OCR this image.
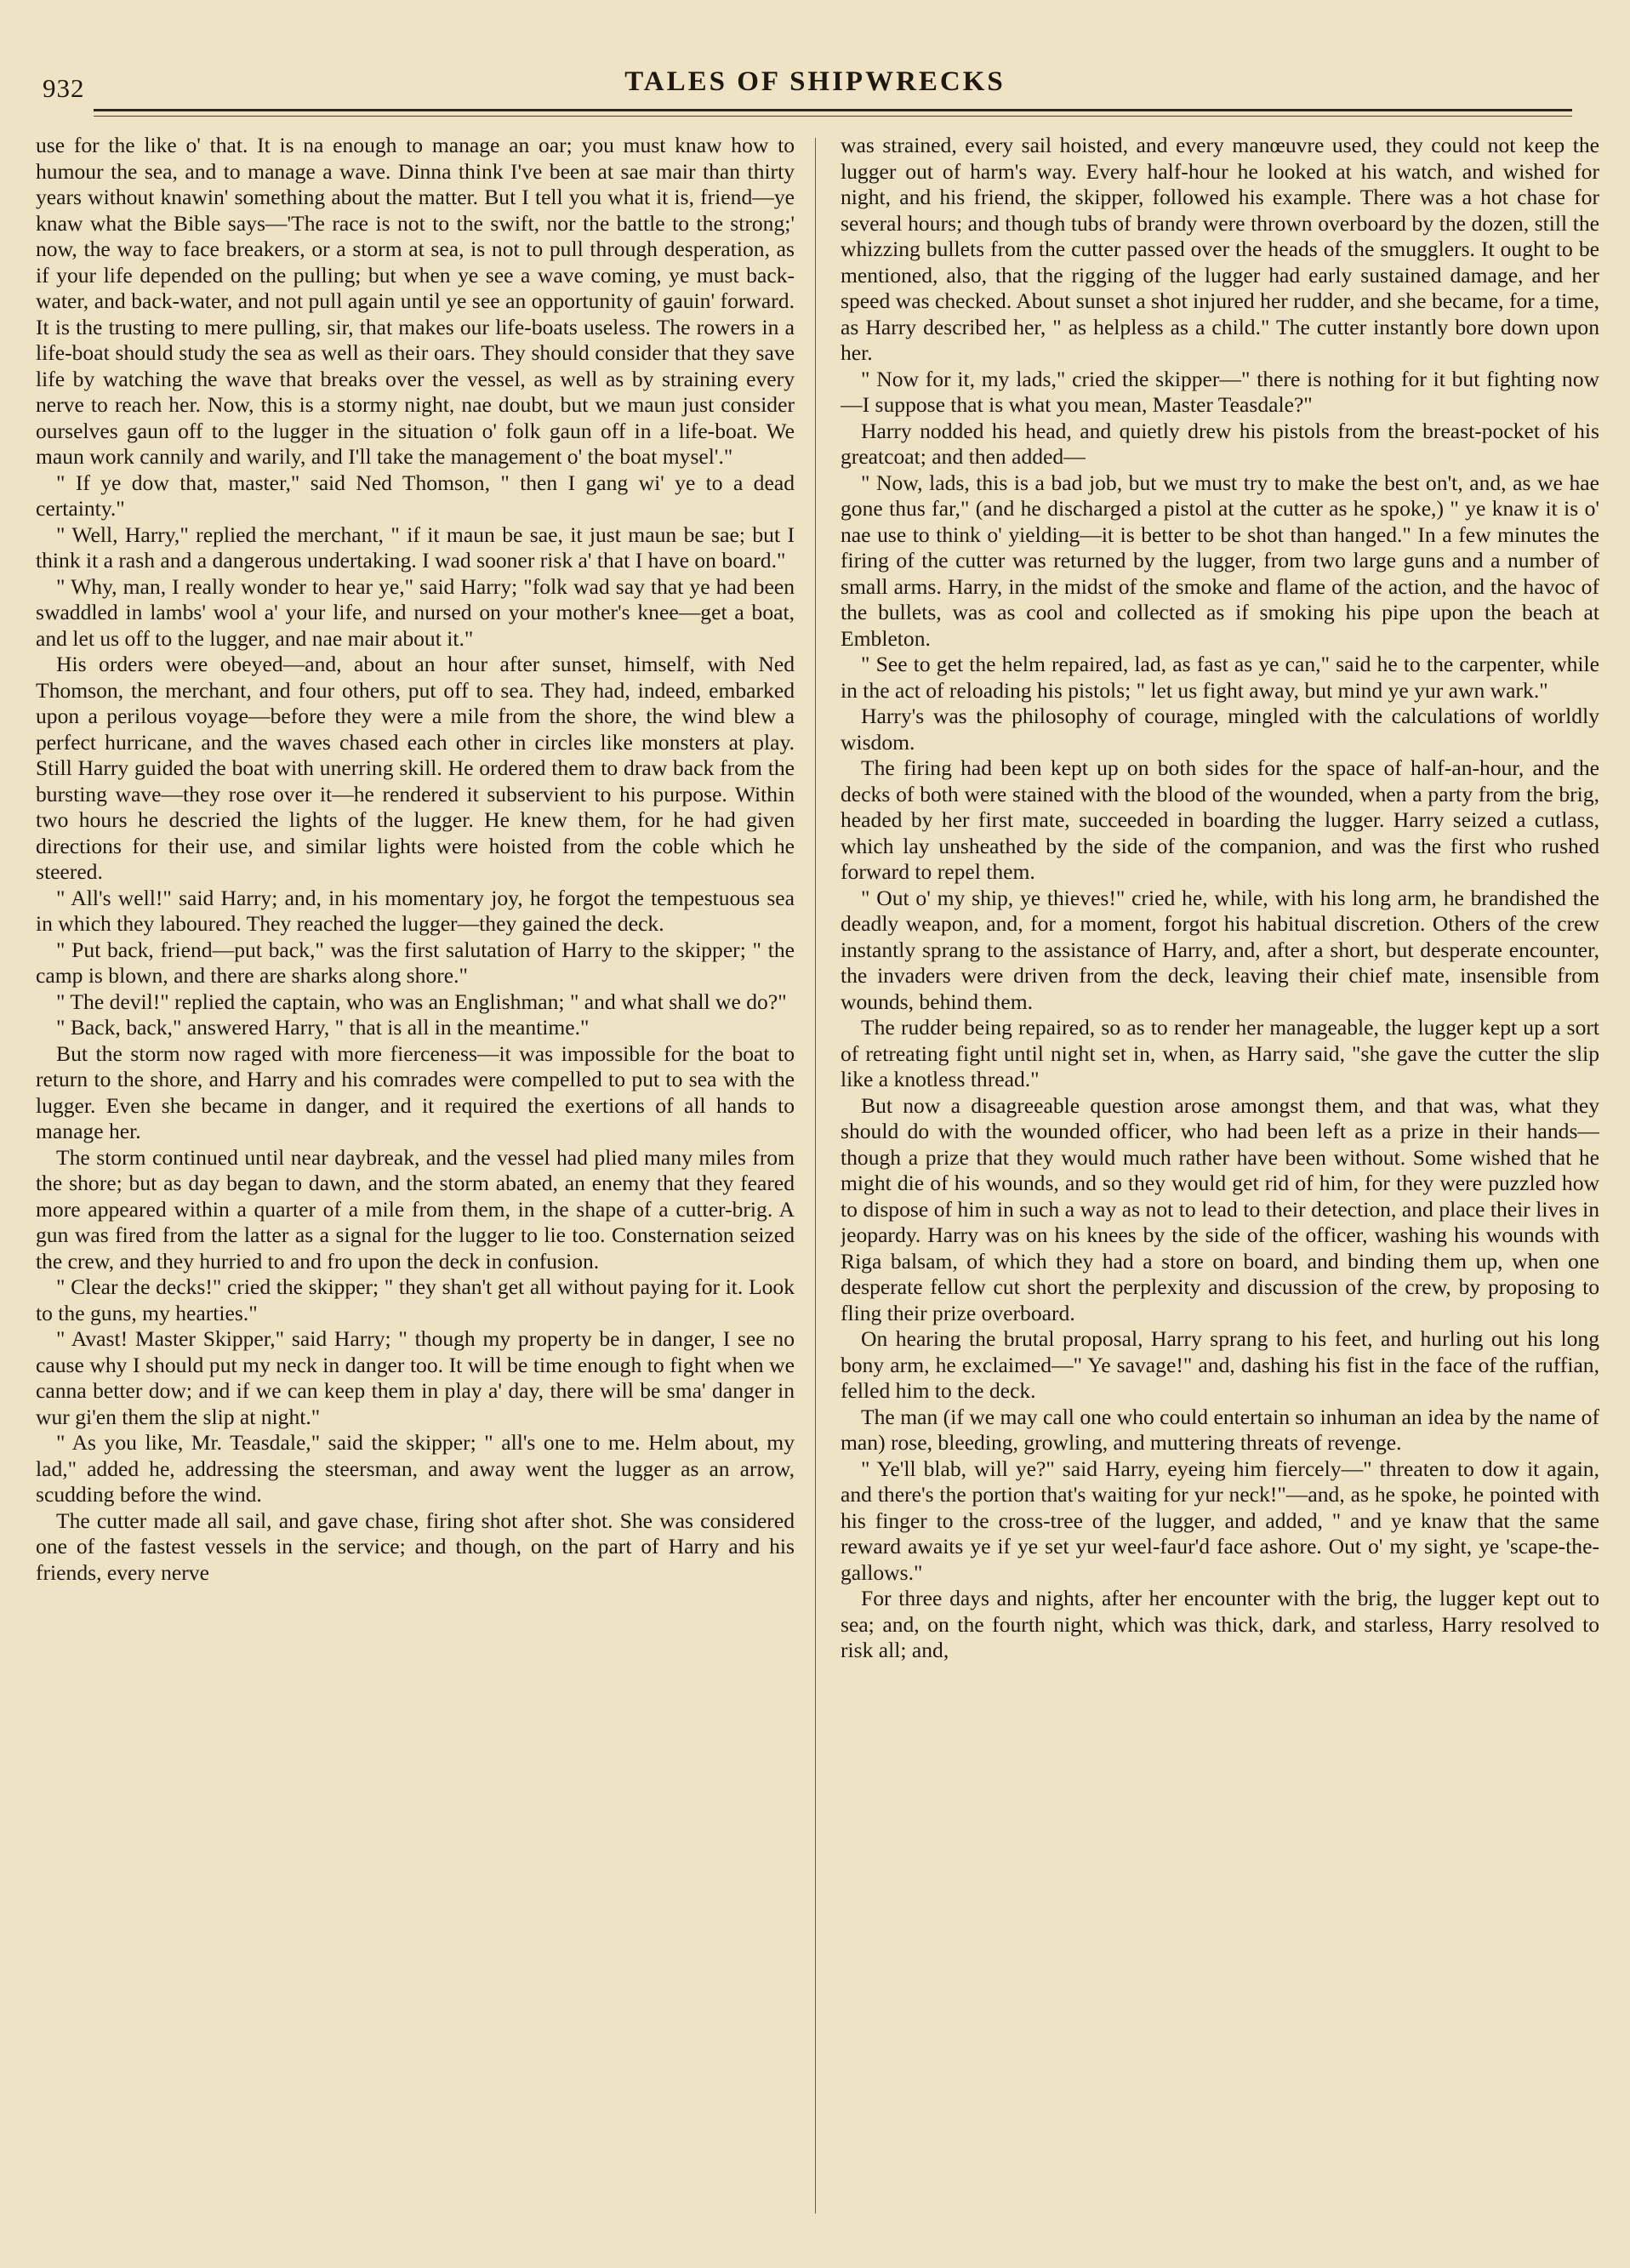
932	TALES OF SHIPWRECKS

use for the like o' that. It is na enough to manage an oar; you must knaw how to humour the sea, and to manage a wave. Dinna think I've been at sae mair than thirty years without knawin' something about the matter. But I tell you what it is, friend—ye knaw what the Bible says—'The race is not to the swift, nor the battle to the strong;' now, the way to face breakers, or a storm at sea, is not to pull through desperation, as if your life depended on the pulling; but when ye see a wave coming, ye must back-water, and back-water, and not pull again until ye see an opportunity of gauin' forward. It is the trusting to mere pulling, sir, that makes our life-boats useless. The rowers in a life-boat should study the sea as well as their oars. They should consider that they save life by watching the wave that breaks over the vessel, as well as by straining every nerve to reach her. Now, this is a stormy night, nae doubt, but we maun just consider ourselves gaun off to the lugger in the situation o' folk gaun off in a life-boat. We maun work cannily and warily, and I'll take the management o' the boat mysel'."

" If ye dow that, master," said Ned Thomson, " then I gang wi' ye to a dead certainty."

" Well, Harry," replied the merchant, " if it maun be sae, it just maun be sae; but I think it a rash and a dangerous undertaking. I wad sooner risk a' that I have on board."

" Why, man, I really wonder to hear ye," said Harry; "folk wad say that ye had been swaddled in lambs' wool a' your life, and nursed on your mother's knee—get a boat, and let us off to the lugger, and nae mair about it."

His orders were obeyed—and, about an hour after sunset, himself, with Ned Thomson, the merchant, and four others, put off to sea. They had, indeed, embarked upon a perilous voyage—before they were a mile from the shore, the wind blew a perfect hurricane, and the waves chased each other in circles like monsters at play. Still Harry guided the boat with unerring skill. He ordered them to draw back from the bursting wave—they rose over it—he rendered it subservient to his purpose. Within two hours he descried the lights of the lugger. He knew them, for he had given directions for their use, and similar lights were hoisted from the coble which he steered.

" All's well!" said Harry; and, in his momentary joy, he forgot the tempestuous sea in which they laboured. They reached the lugger—they gained the deck.

" Put back, friend—put back," was the first salutation of Harry to the skipper; " the camp is blown, and there are sharks along shore."

" The devil!" replied the captain, who was an Englishman; " and what shall we do?"

" Back, back," answered Harry, " that is all in the meantime."

But the storm now raged with more fierceness—it was impossible for the boat to return to the shore, and Harry and his comrades were compelled to put to sea with the lugger. Even she became in danger, and it required the exertions of all hands to manage her.

The storm continued until near daybreak, and the vessel had plied many miles from the shore; but as day began to dawn, and the storm abated, an enemy that they feared more appeared within a quarter of a mile from them, in the shape of a cutter-brig. A gun was fired from the latter as a signal for the lugger to lie too. Consternation seized the crew, and they hurried to and fro upon the deck in confusion.

" Clear the decks!" cried the skipper; " they shan't get all without paying for it. Look to the guns, my hearties."

" Avast! Master Skipper," said Harry; " though my property be in danger, I see no cause why I should put my neck in danger too. It will be time enough to fight when we canna better dow; and if we can keep them in play a' day, there will be sma' danger in wur gi'en them the slip at night."

" As you like, Mr. Teasdale," said the skipper; " all's one to me. Helm about, my lad," added he, addressing the steersman, and away went the lugger as an arrow, scudding before the wind.

The cutter made all sail, and gave chase, firing shot after shot. She was considered one of the fastest vessels in the service; and though, on the part of Harry and his friends, every nerve

was strained, every sail hoisted, and every manœuvre used, they could not keep the lugger out of harm's way. Every half-hour he looked at his watch, and wished for night, and his friend, the skipper, followed his example. There was a hot chase for several hours; and though tubs of brandy were thrown overboard by the dozen, still the whizzing bullets from the cutter passed over the heads of the smugglers. It ought to be mentioned, also, that the rigging of the lugger had early sustained damage, and her speed was checked. About sunset a shot injured her rudder, and she became, for a time, as Harry described her, " as helpless as a child." The cutter instantly bore down upon her.

" Now for it, my lads," cried the skipper—" there is nothing for it but fighting now—I suppose that is what you mean, Master Teasdale?"

Harry nodded his head, and quietly drew his pistols from the breast-pocket of his greatcoat; and then added—

" Now, lads, this is a bad job, but we must try to make the best on't, and, as we hae gone thus far," (and he discharged a pistol at the cutter as he spoke,) " ye knaw it is o' nae use to think o' yielding—it is better to be shot than hanged." In a few minutes the firing of the cutter was returned by the lugger, from two large guns and a number of small arms. Harry, in the midst of the smoke and flame of the action, and the havoc of the bullets, was as cool and collected as if smoking his pipe upon the beach at Embleton.

" See to get the helm repaired, lad, as fast as ye can," said he to the carpenter, while in the act of reloading his pistols; " let us fight away, but mind ye yur awn wark."

Harry's was the philosophy of courage, mingled with the calculations of worldly wisdom.

The firing had been kept up on both sides for the space of half-an-hour, and the decks of both were stained with the blood of the wounded, when a party from the brig, headed by her first mate, succeeded in boarding the lugger. Harry seized a cutlass, which lay unsheathed by the side of the companion, and was the first who rushed forward to repel them.

" Out o' my ship, ye thieves!" cried he, while, with his long arm, he brandished the deadly weapon, and, for a moment, forgot his habitual discretion. Others of the crew instantly sprang to the assistance of Harry, and, after a short, but desperate encounter, the invaders were driven from the deck, leaving their chief mate, insensible from wounds, behind them.

The rudder being repaired, so as to render her manageable, the lugger kept up a sort of retreating fight until night set in, when, as Harry said, "she gave the cutter the slip like a knotless thread."

But now a disagreeable question arose amongst them, and that was, what they should do with the wounded officer, who had been left as a prize in their hands—though a prize that they would much rather have been without. Some wished that he might die of his wounds, and so they would get rid of him, for they were puzzled how to dispose of him in such a way as not to lead to their detection, and place their lives in jeopardy. Harry was on his knees by the side of the officer, washing his wounds with Riga balsam, of which they had a store on board, and binding them up, when one desperate fellow cut short the perplexity and discussion of the crew, by proposing to fling their prize overboard.

On hearing the brutal proposal, Harry sprang to his feet, and hurling out his long bony arm, he exclaimed—" Ye savage!" and, dashing his fist in the face of the ruffian, felled him to the deck.

The man (if we may call one who could entertain so inhuman an idea by the name of man) rose, bleeding, growling, and muttering threats of revenge.

" Ye'll blab, will ye?" said Harry, eyeing him fiercely—" threaten to dow it again, and there's the portion that's waiting for yur neck!"—and, as he spoke, he pointed with his finger to the cross-tree of the lugger, and added, " and ye knaw that the same reward awaits ye if ye set yur weel-faur'd face ashore. Out o' my sight, ye 'scape-the-gallows."

For three days and nights, after her encounter with the brig, the lugger kept out to sea; and, on the fourth night, which was thick, dark, and starless, Harry resolved to risk all; and,
